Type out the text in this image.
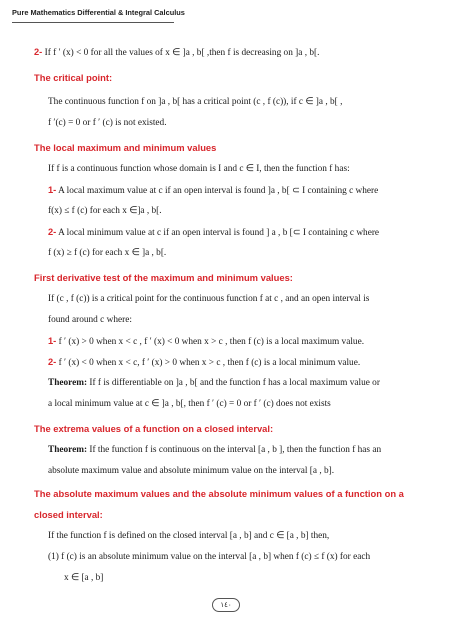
Pure Mathematics Differential & Integral Calculus
2- If f ′ (x) < 0 for all the values of x ∈ ]a , b[ ,then f is decreasing on ]a , b[.
The critical point:
The continuous function f on ]a , b[ has a critical point (c , f (c)), if c ∈ ]a , b[ ,
f ′(c) = 0 or f ′ (c) is not existed.
The local maximum and minimum values
If f is a continuous function whose domain is I and c ∈ I, then the function f has:
1- A local maximum value at c if an open interval is found ]a , b[ ⊂ I containing c where
f(x) ≤ f (c) for each x ∈]a , b[.
2- A local minimum value at c if an open interval is found ] a , b [⊂ I containing c where
f (x) ≥ f (c) for each x ∈ ]a , b[.
First derivative test of the maximum and minimum values:
If (c , f (c)) is a critical point for the continuous function f at c , and an open interval is
found around c where:
1- f ′ (x) > 0 when x < c , f ′ (x) < 0 when x > c , then f (c) is a local maximum value.
2- f ′ (x) < 0 when x < c, f ′ (x) > 0 when x > c , then f (c) is a local minimum value.
Theorem: If f is differentiable on ]a , b[ and the function f has a local maximum value or
a local minimum value at c ∈ ]a , b[, then f ′ (c) = 0 or f ′ (c) does not exists
The extrema values of a function on a closed interval:
Theorem: If the function f is continuous on the interval [a , b ], then the function f has an
absolute maximum value and absolute minimum value on the interval [a , b].
The absolute maximum values and the absolute minimum values of a function on a
closed interval:
If the function f is defined on the closed interval [a , b] and c ∈ [a , b] then,
(1) f (c) is an absolute minimum value on the interval [a , b] when f (c) ≤ f (x) for each
x ∈ [a , b]
١٤٠
